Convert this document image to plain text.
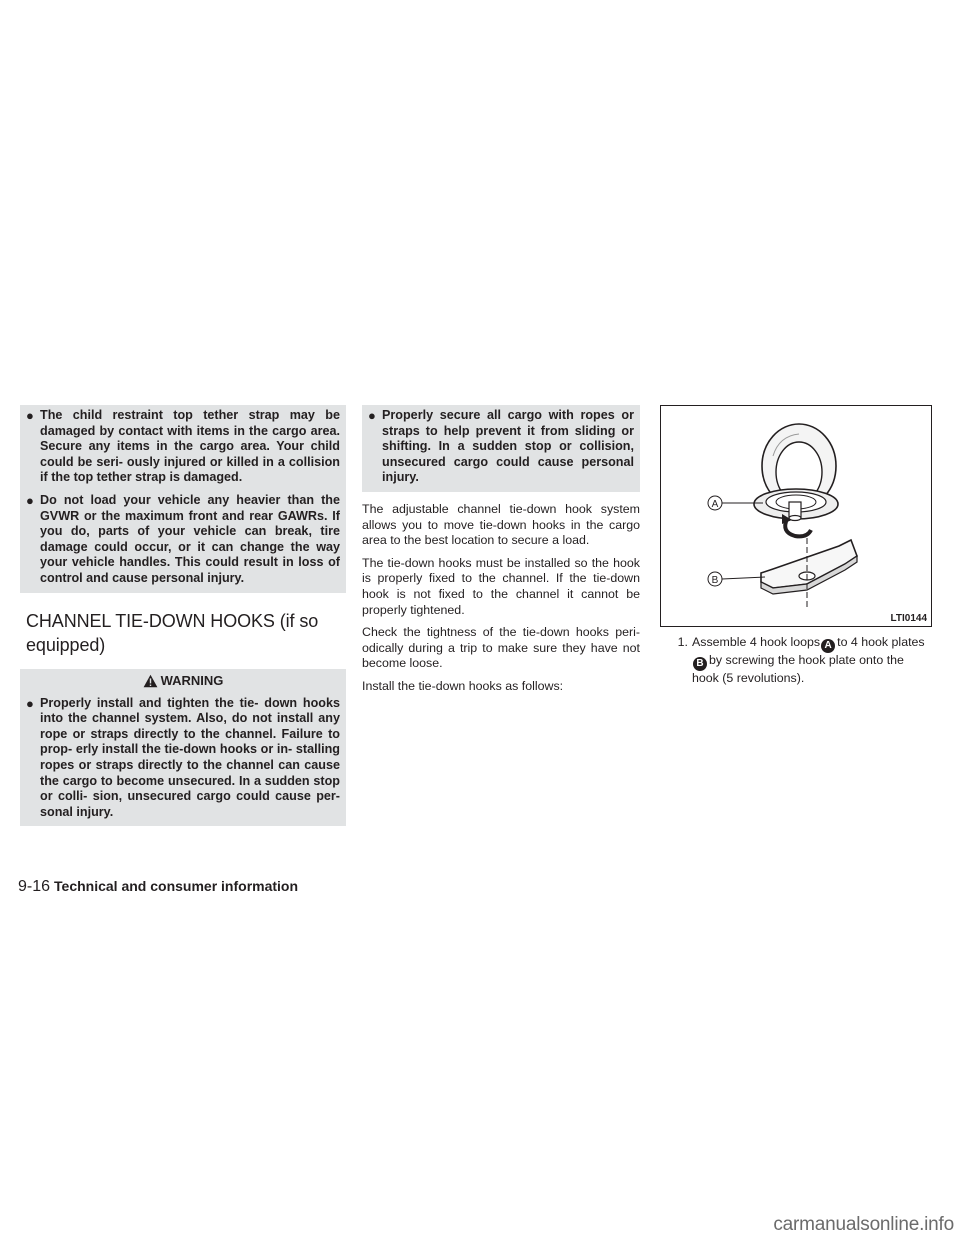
● The child restraint top tether strap may be damaged by contact with items in the cargo area. Secure any items in the cargo area. Your child could be seri- ously injured or killed in a collision if the top tether strap is damaged.
● Do not load your vehicle any heavier than the GVWR or the maximum front and rear GAWRs. If you do, parts of your vehicle can break, tire damage could occur, or it can change the way your vehicle handles. This could result in loss of control and cause personal injury.
CHANNEL TIE-DOWN HOOKS (if so equipped)
WARNING
● Properly install and tighten the tie- down hooks into the channel system. Also, do not install any rope or straps directly to the channel. Failure to prop- erly install the tie-down hooks or in- stalling ropes or straps directly to the channel can cause the cargo to become unsecured. In a sudden stop or colli- sion, unsecured cargo could cause per- sonal injury.
● Properly secure all cargo with ropes or straps to help prevent it from sliding or shifting. In a sudden stop or collision, unsecured cargo could cause personal injury.

The adjustable channel tie-down hook system allows you to move tie-down hooks in the cargo area to the best location to secure a load.

The tie-down hooks must be installed so the hook is properly fixed to the channel. If the tie-down hook is not fixed to the channel it cannot be properly tightened.

Check the tightness of the tie-down hooks peri- odically during a trip to make sure they have not become loose.

Install the tie-down hooks as follows:

A
B
LTI0144
1. Assemble 4 hook loops A to 4 hook plates B by screwing the hook plate onto the hook (5 revolutions).
9-16 Technical and consumer information
carmanualsonline.info
